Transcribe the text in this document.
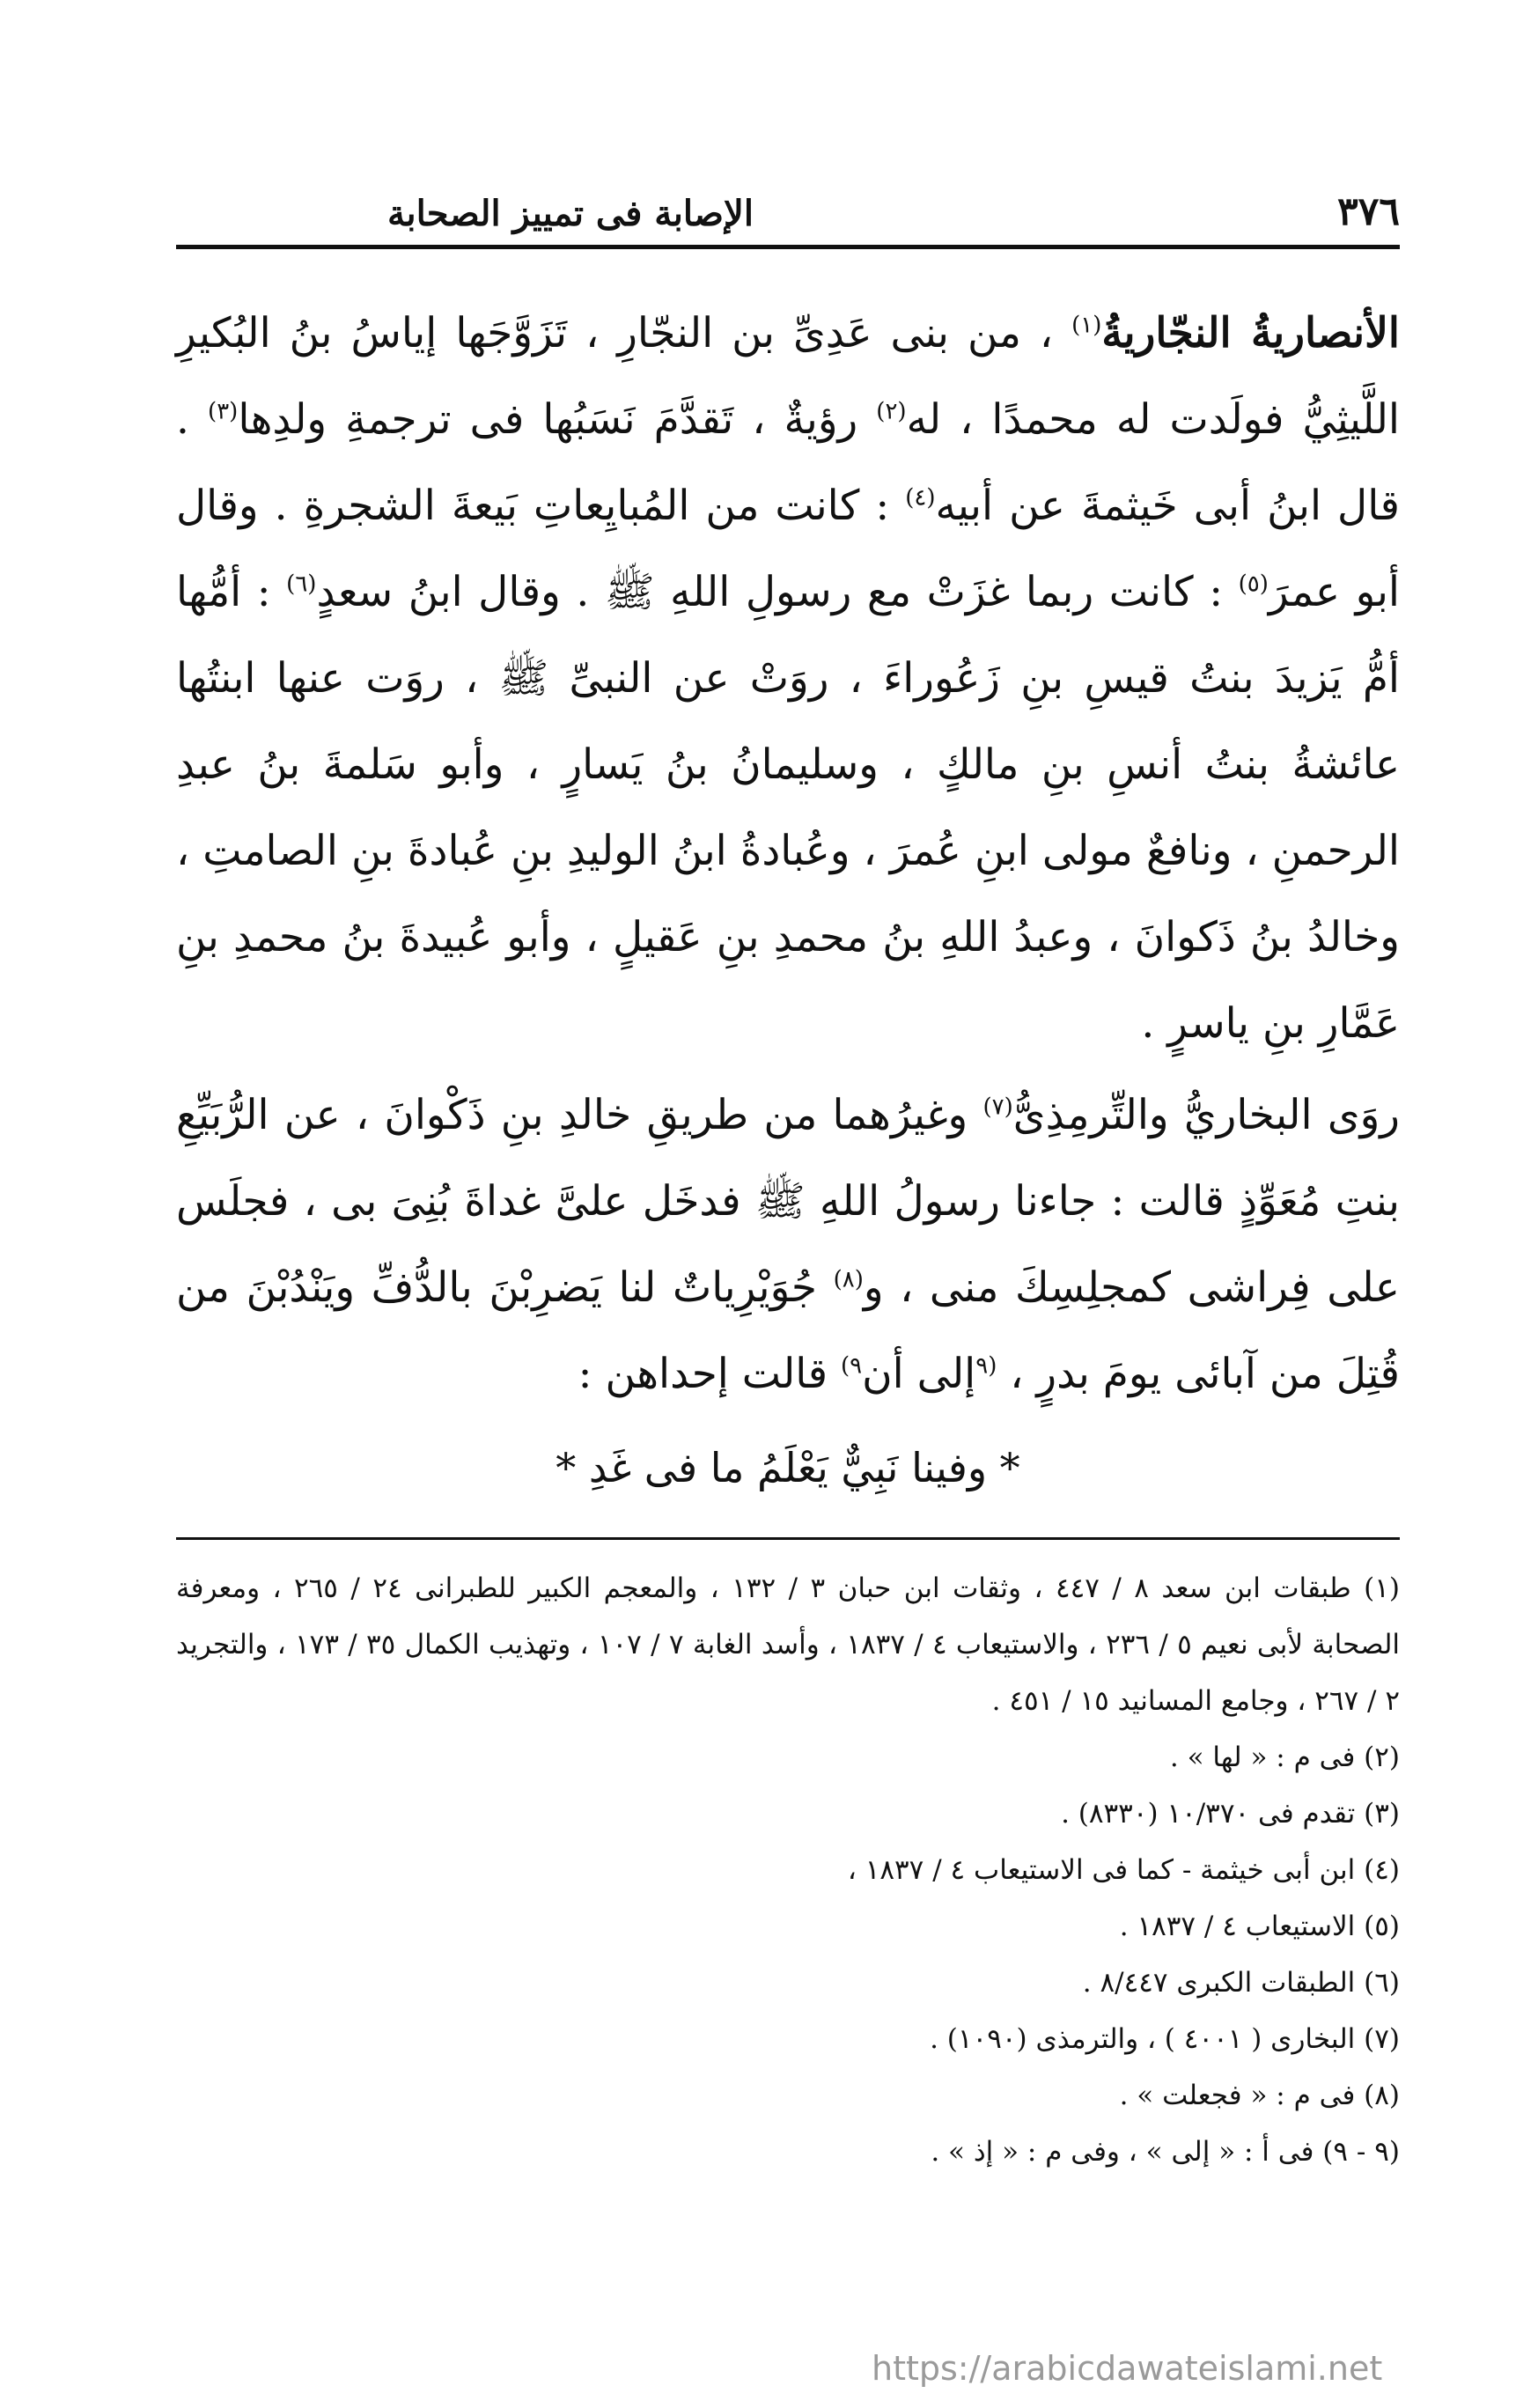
٣٧٦
الإصابة فى تمييز الصحابة

الأنصاريةُ النجّاريةُ$^{(١)}$ ، من بنى عَدِىِّ بن النجّارِ ، تَزَوَّجَها إياسُ بنُ البُكيرِ اللَّيثِيُّ فولَدت له محمدًا ، له$^{(٢)}$ رؤيةٌ ، تَقدَّمَ نَسَبُها فى ترجمةِ ولدِها$^{(٣)}$ . قال ابنُ أبى خَيثمةَ عن أبيه$^{(٤)}$ : كانت من المُبايِعاتِ بَيعةَ الشجرةِ . وقال أبو عمرَ$^{(٥)}$ : كانت ربما غزَتْ مع رسولِ اللهِ ﷺ . وقال ابنُ سعدٍ$^{(٦)}$ : أمُّها أمُّ يَزيدَ بنتُ قيسِ بنِ زَعُوراءَ ، روَتْ عن النبىِّ ﷺ ، روَت عنها ابنتُها عائشةُ بنتُ أنسِ بنِ مالكٍ ، وسليمانُ بنُ يَسارٍ ، وأبو سَلمةَ بنُ عبدِ الرحمنِ ، ونافعٌ مولى ابنِ عُمرَ ، وعُبادةُ ابنُ الوليدِ بنِ عُبادةَ بنِ الصامتِ ، وخالدُ بنُ ذَكوانَ ، وعبدُ اللهِ بنُ محمدِ بنِ عَقيلٍ ، وأبو عُبيدةَ بنُ محمدِ بنِ عَمَّارِ بنِ ياسرٍ .

روَى البخاريُّ والتِّرمِذِىُّ$^{(٧)}$ وغيرُهما من طريقِ خالدِ بنِ ذَكْوانَ ، عن الرُّبَيِّعِ بنتِ مُعَوِّذٍ قالت : جاءنا رسولُ اللهِ ﷺ فدخَل علىَّ غداةَ بُنِىَ بى ، فجلَس على فِراشى كمجلِسِكَ منى ، و$^{(٨)}$ جُوَيْرِياتٌ لنا يَضرِبْنَ بالدُّفِّ ويَنْدُبْنَ من قُتِلَ من آبائى يومَ بدرٍ ، $^{(٩}$إلى أن$^{٩)}$ قالت إحداهن :

* وفينا نَبِيٌّ يَعْلَمُ ما فى غَدِ *

(١) طبقات ابن سعد ٨ / ٤٤٧ ، وثقات ابن حبان ٣ / ١٣٢ ، والمعجم الكبير للطبرانى ٢٤ / ٢٦٥ ، ومعرفة الصحابة لأبى نعيم ٥ / ٢٣٦ ، والاستيعاب ٤ / ١٨٣٧ ، وأسد الغابة ٧ / ١٠٧ ، وتهذيب الكمال ٣٥ / ١٧٣ ، والتجريد ٢ / ٢٦٧ ، وجامع المسانيد ١٥ / ٤٥١ .

(٢) فى م : « لها » .

(٣) تقدم فى ١٠/٣٧٠ (٨٣٣٠) .

(٤) ابن أبى خيثمة - كما فى الاستيعاب ٤ / ١٨٣٧ ،

(٥) الاستيعاب ٤ / ١٨٣٧ .

(٦) الطبقات الكبرى ٨/٤٤٧ .

(٧) البخارى ( ٤٠٠١ ) ، والترمذى (١٠٩٠) .

(٨) فى م : « فجعلت » .

(٩ - ٩) فى أ : « إلى » ، وفى م : « إذ » .

https://arabicdawateislami.net
